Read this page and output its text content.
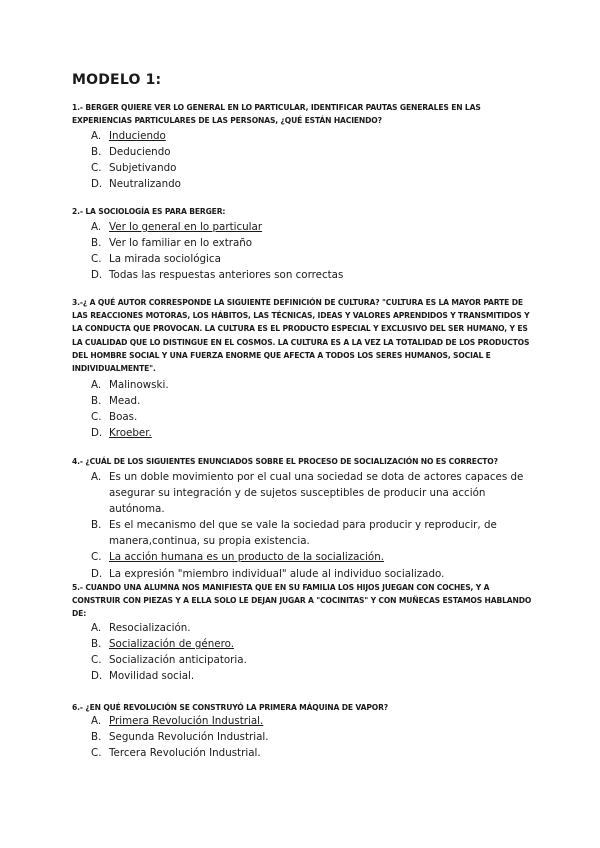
MODELO 1:
1.- BERGER QUIERE VER LO GENERAL EN LO PARTICULAR, IDENTIFICAR PAUTAS GENERALES EN LAS EXPERIENCIAS PARTICULARES DE LAS PERSONAS, ¿QUÉ ESTÁN HACIENDO?
A. Induciendo
B. Deduciendo
C. Subjetivando
D. Neutralizando
2.- LA SOCIOLOGÍA ES PARA BERGER:
A. Ver lo general en lo particular
B. Ver lo familiar en lo extraño
C. La mirada sociológica
D. Todas las respuestas anteriores son correctas
3.-¿ A QUÉ AUTOR CORRESPONDE LA SIGUIENTE DEFINICIÓN DE CULTURA? "CULTURA ES LA MAYOR PARTE DE LAS REACCIONES MOTORAS, LOS HÁBITOS, LAS TÉCNICAS, IDEAS Y VALORES APRENDIDOS Y TRANSMITIDOS Y LA CONDUCTA QUE PROVOCAN. LA CULTURA ES EL PRODUCTO ESPECIAL Y EXCLUSIVO DEL SER HUMANO, Y ES LA CUALIDAD QUE LO DISTINGUE EN EL COSMOS. LA CULTURA ES A LA VEZ LA TOTALIDAD DE LOS PRODUCTOS DEL HOMBRE SOCIAL Y UNA FUERZA ENORME QUE AFECTA A TODOS LOS SERES HUMANOS, SOCIAL E INDIVIDUALMENTE".
A. Malinowski.
B. Mead.
C. Boas.
D. Kroeber.
4.- ¿CUÁL DE LOS SIGUIENTES ENUNCIADOS SOBRE EL PROCESO DE SOCIALIZACIÓN NO ES CORRECTO?
A. Es un doble movimiento por el cual una sociedad se dota de actores capaces de asegurar su integración y de sujetos susceptibles de producir una acción autónoma.
B. Es el mecanismo del que se vale la sociedad para producir y reproducir, de manera,continua, su propia existencia.
C. La acción humana es un producto de la socialización.
D. La expresión "miembro individual" alude al individuo socializado.
5.- CUANDO UNA ALUMNA NOS MANIFIESTA QUE EN SU FAMILIA LOS HIJOS JUEGAN CON COCHES, Y A CONSTRUIR CON PIEZAS Y A ELLA SOLO LE DEJAN JUGAR A "COCINITAS" Y CON MUÑECAS ESTAMOS HABLANDO DE:
A. Resocialización.
B. Socialización de género.
C. Socialización anticipatoria.
D. Movilidad social.
6.- ¿EN QUÉ REVOLUCIÓN SE CONSTRUYÓ LA PRIMERA MÁQUINA DE VAPOR?
A. Primera Revolución Industrial.
B. Segunda Revolución Industrial.
C. Tercera Revolución Industrial.
